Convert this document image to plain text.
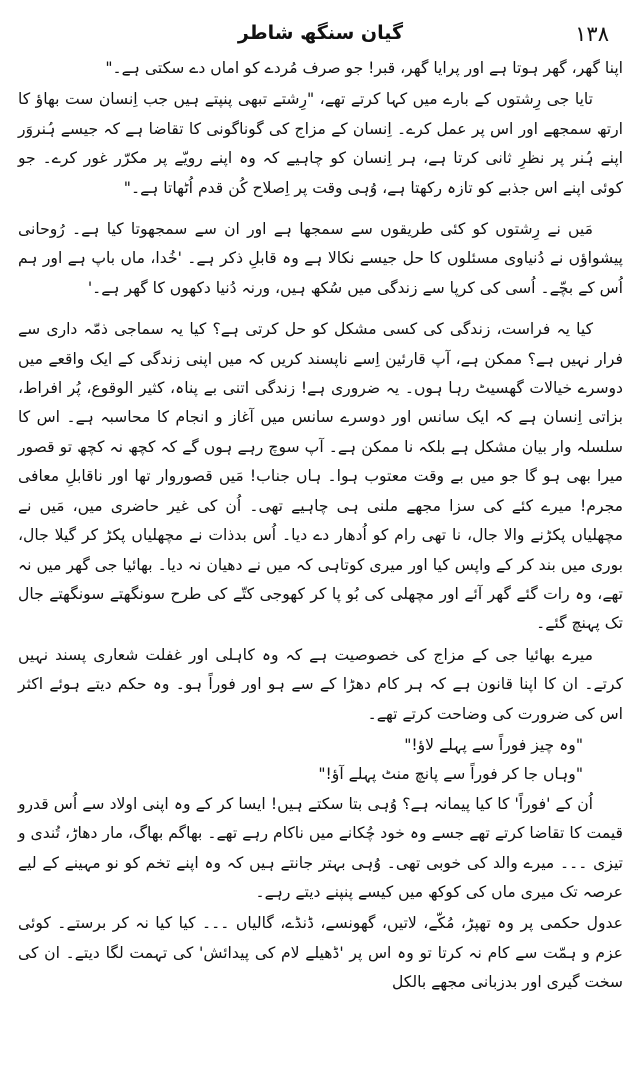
۱۳۸
گیان سنگھ شاطر

اپنا گھر، گھر ہوتا ہے اور پرایا گھر، قبر! جو صرف مُردے کو اماں دے سکتی ہے۔"

تایا جی رِشتوں کے بارے میں کہا کرتے تھے، "رِشتے تبھی پنپتے ہیں جب اِنسان ست بھاؤ کا ارتھ سمجھے اور اس پر عمل کرے۔ اِنسان کے مزاج کی گوناگونی کا تقاضا ہے کہ جیسے ہُنروَر اپنے ہُنر پر نظرِ ثانی کرتا ہے، ہر اِنسان کو چاہیے کہ وہ اپنے رویّے پر مکرّر غور کرے۔ جو کوئی اپنے اس جذبے کو تازہ رکھتا ہے، وُہی وقت پر اِصلاح کُن قدم اُٹھاتا ہے۔"

مَیں نے رِشتوں کو کئی طریقوں سے سمجھا ہے اور ان سے سمجھوتا کیا ہے۔ رُوحانی پیشواؤں نے دُنیاوی مسئلوں کا حل جیسے نکالا ہے وہ قابلِ ذکر ہے۔ 'خُدا، ماں باپ ہے اور ہم اُس کے بچّے۔ اُسی کی کرپا سے زندگی میں سُکھ ہیں، ورنہ دُنیا دکھوں کا گھر ہے۔'

کیا یہ فراست، زندگی کی کسی مشکل کو حل کرتی ہے؟ کیا یہ سماجی ذمّہ داری سے فرار نہیں ہے؟ ممکن ہے، آپ قارئین اِسے ناپسند کریں کہ میں اپنی زندگی کے ایک واقعے میں دوسرے خیالات گھسیٹ رہا ہوں۔ یہ ضروری ہے! زندگی اتنی بے پناہ، کثیر الوقوع، پُر افراط، بزاتی اِنسان ہے کہ ایک سانس اور دوسرے سانس میں آغاز و انجام کا محاسبہ ہے۔ اس کا سلسلہ وار بیان مشکل ہے بلکہ نا ممکن ہے۔ آپ سوچ رہے ہوں گے کہ کچھ نہ کچھ تو قصور میرا بھی ہو گا جو میں بے وقت معتوب ہوا۔ ہاں جناب! مَیں قصوروار تھا اور ناقابلِ معافی مجرم! میرے کئے کی سزا مجھے ملنی ہی چاہیے تھی۔ اُن کی غیر حاضری میں، مَیں نے مچھلیاں پکڑنے والا جال، نا تھی رام کو اُدھار دے دیا۔ اُس بدذات نے مچھلیاں پکڑ کر گیلا جال، بوری میں بند کر کے واپس کیا اور میری کوتاہی کہ میں نے دھیان نہ دیا۔ بھائیا جی گھر میں نہ تھے، وہ رات گئے گھر آئے اور مچھلی کی بُو پا کر کھوجی کتّے کی طرح سونگھتے سونگھتے جال تک پہنچ گئے۔

میرے بھائیا جی کے مزاج کی خصوصیت ہے کہ وہ کاہلی اور غفلت شعاری پسند نہیں کرتے۔ ان کا اپنا قانون ہے کہ ہر کام دھڑا کے سے ہو اور فوراً ہو۔ وہ حکم دیتے ہوئے اکثر اس کی ضرورت کی وضاحت کرتے تھے۔

"وہ چیز فوراً سے پہلے لاؤ!"

"وہاں جا کر فوراً سے پانچ منٹ پہلے آؤ!"

اُن کے 'فوراً' کا کیا پیمانہ ہے؟ وُہی بتا سکتے ہیں! ایسا کر کے وہ اپنی اولاد سے اُس قدرو قیمت کا تقاضا کرتے تھے جسے وہ خود چُکانے میں ناکام رہے تھے۔ بھاگم بھاگ، مار دھاڑ، تُندی و تیزی ۔۔۔ میرے والد کی خوبی تھی۔ وُہی بہتر جانتے ہیں کہ وہ اپنے تخم کو نو مہینے کے لیے عرصہ تک میری ماں کی کوکھ میں کیسے پنپنے دیتے رہے۔

عدول حکمی پر وہ تھپڑ، مُکّے، لاتیں، گھونسے، ڈنڈے، گالیاں ۔۔۔ کیا کیا نہ کر برستے۔ کوئی عزم و ہمّت سے کام نہ کرتا تو وہ اس پر 'ڈھیلے لام کی پیدائش' کی تہمت لگا دیتے۔ ان کی سخت گیری اور بدزبانی مجھے بالکل
